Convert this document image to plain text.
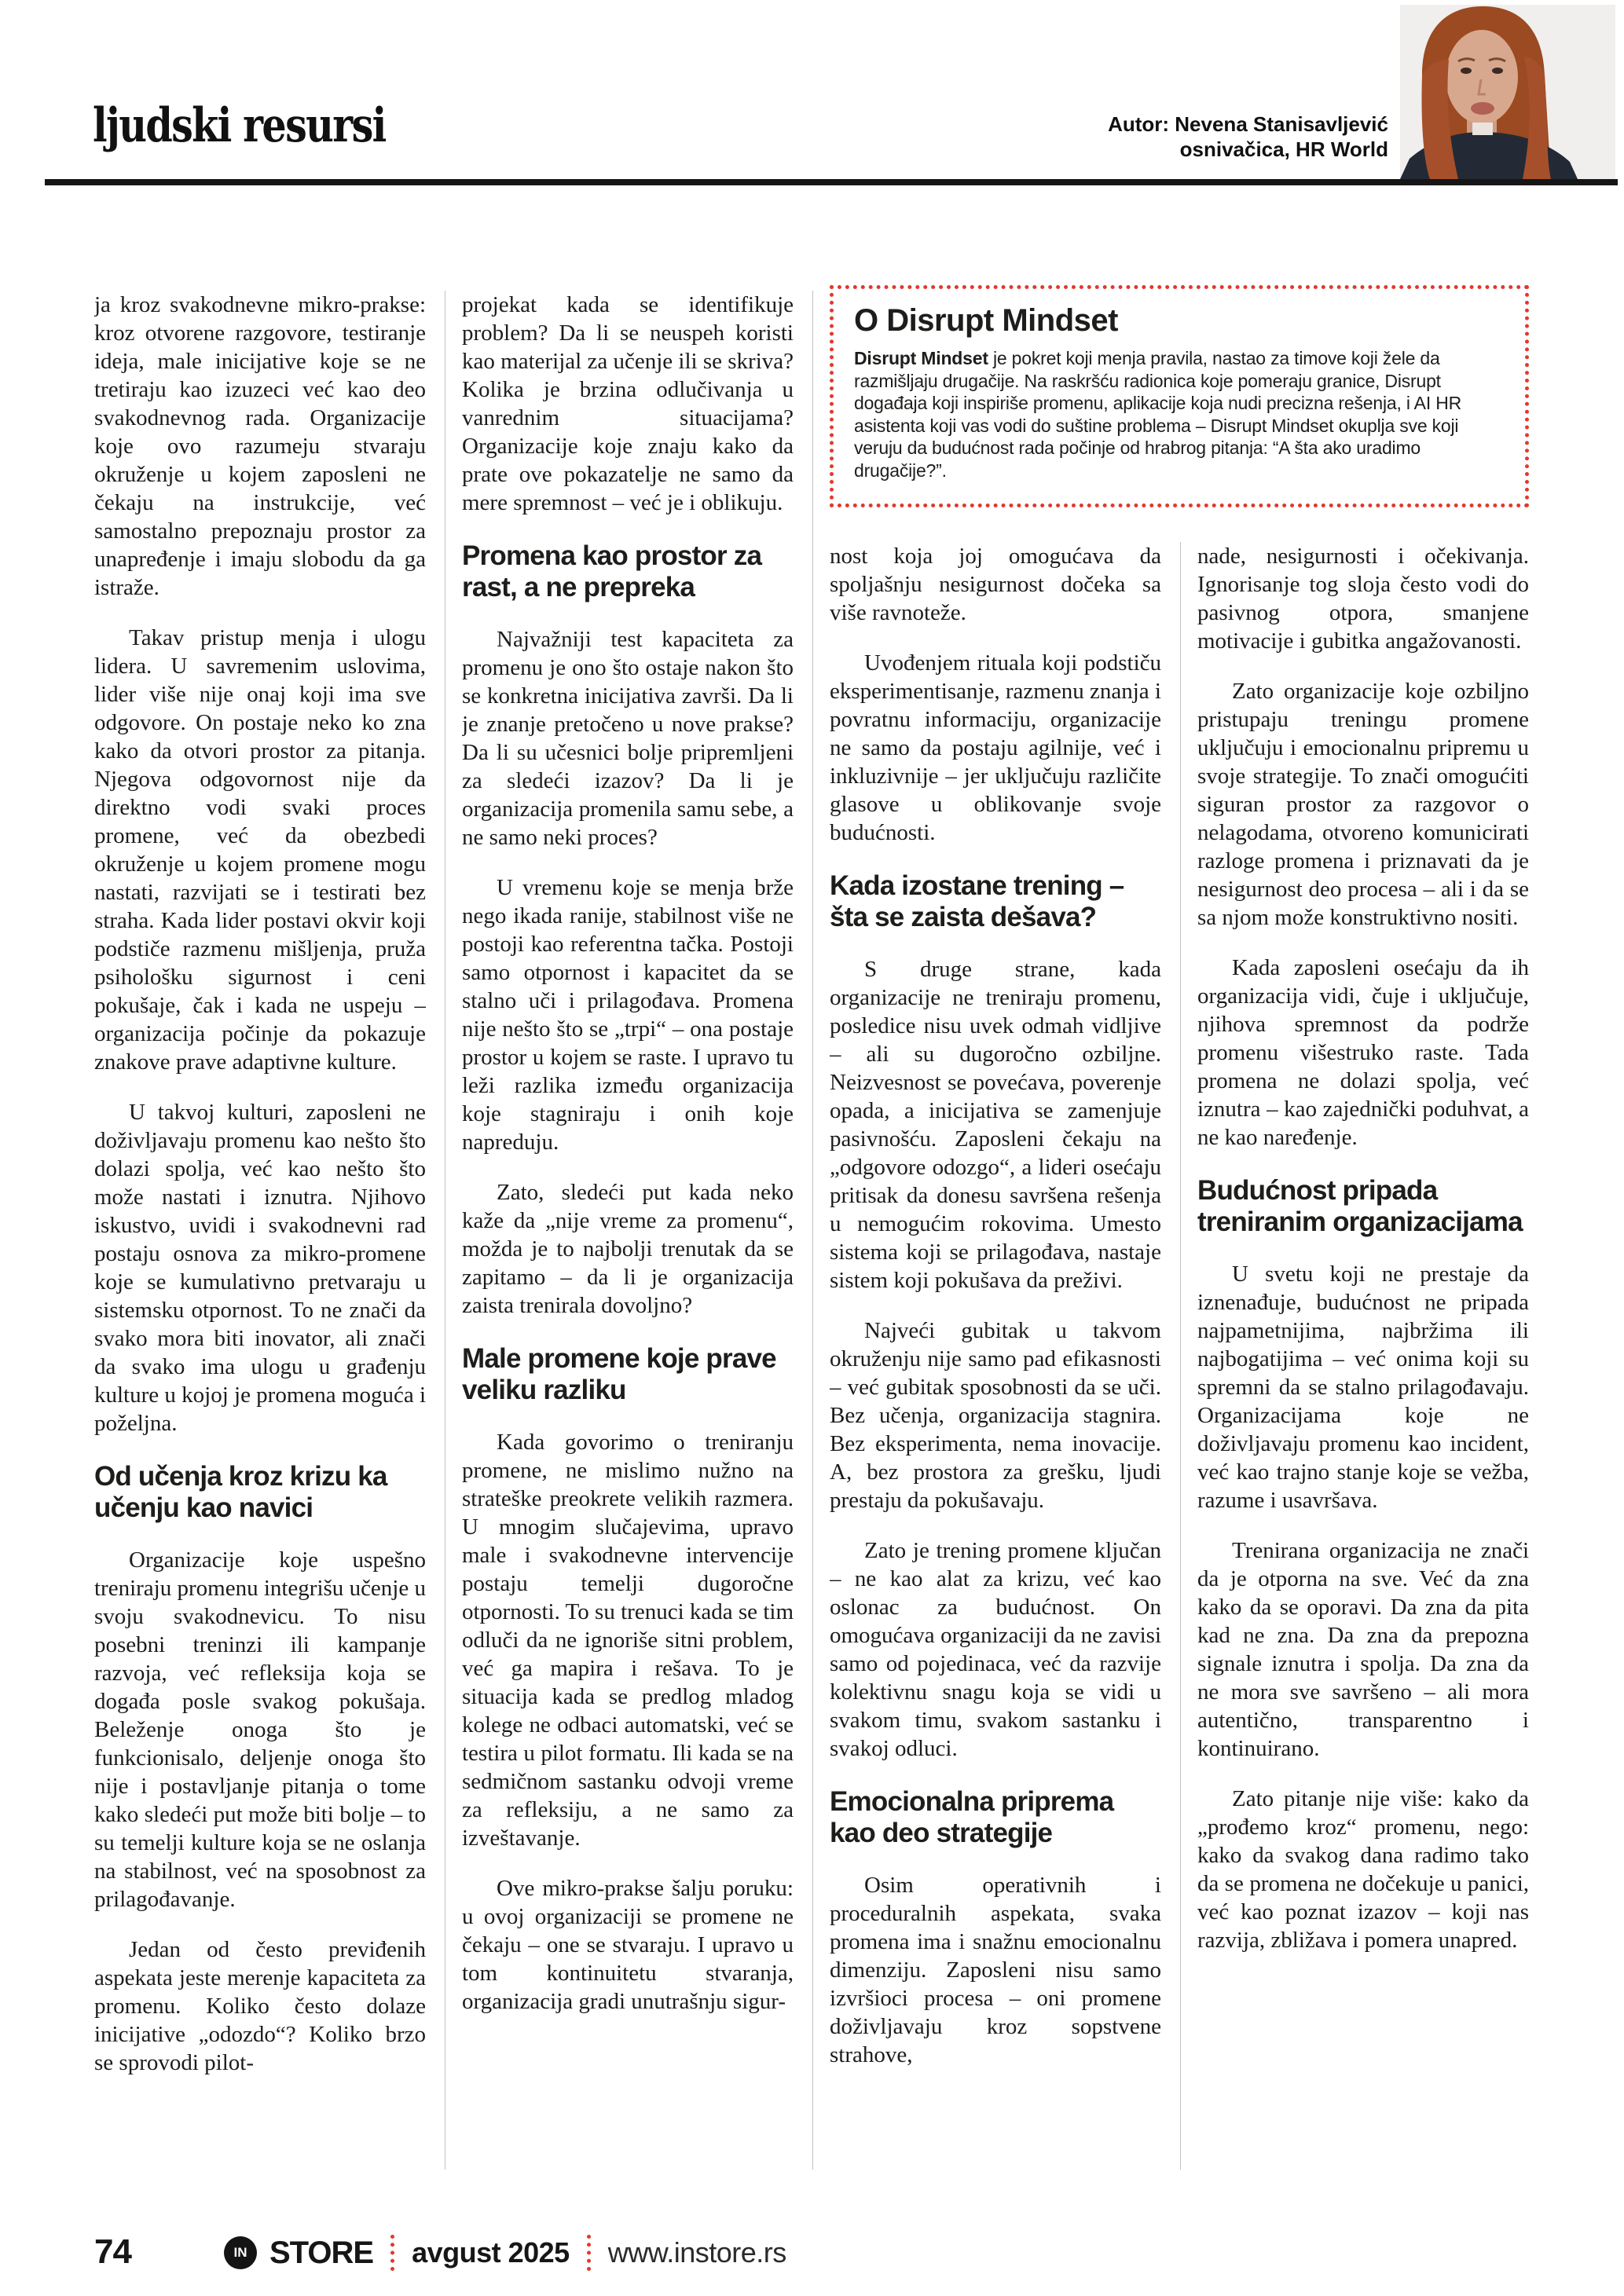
ljudski resursi	Autor: Nevena Stanisavljević
osnivačica, HR World
O Disrupt Mindset

Disrupt Mindset je pokret koji menja pravila, nastao za timove koji žele da razmišljaju drugačije. Na raskršću radionica koje pomeraju granice, Disrupt događaja koji inspiriše promenu, aplikacije koja nudi precizna rešenja, i AI HR asistenta koji vas vodi do suštine problema – Disrupt Mindset okuplja sve koji veruju da budućnost rada počinje od hrabrog pitanja: “A šta ako uradimo drugačije?”.

ja kroz svakodnevne mikro-prakse: kroz otvorene razgovore, testiranje ideja, male inicijative koje se ne tretiraju kao izuzeci već kao deo svakodnevnog rada. Organizacije koje ovo razumeju stvaraju okruženje u kojem zaposleni ne čekaju na instrukcije, već samostalno prepoznaju prostor za unapređenje i imaju slobodu da ga istraže.

Takav pristup menja i ulogu lidera. U savremenim uslovima, lider više nije onaj koji ima sve odgovore. On postaje neko ko zna kako da otvori prostor za pitanja. Njegova odgovornost nije da direktno vodi svaki proces promene, već da obezbedi okruženje u kojem promene mogu nastati, razvijati se i testirati bez straha. Kada lider postavi okvir koji podstiče razmenu mišljenja, pruža psihološku sigurnost i ceni pokušaje, čak i kada ne uspeju – organizacija počinje da pokazuje znakove prave adaptivne kulture.

U takvoj kulturi, zaposleni ne doživljavaju promenu kao nešto što dolazi spolja, već kao nešto što može nastati i iznutra. Njihovo iskustvo, uvidi i svakodnevni rad postaju osnova za mikro-promene koje se kumulativno pretvaraju u sistemsku otpornost. To ne znači da svako mora biti inovator, ali znači da svako ima ulogu u građenju kulture u kojoj je promena moguća i poželjna.

Od učenja kroz krizu ka učenju kao navici

Organizacije koje uspešno treniraju promenu integrišu učenje u svoju svakodnevicu. To nisu posebni treninzi ili kampanje razvoja, već refleksija koja se događa posle svakog pokušaja. Beleženje onoga što je funkcionisalo, deljenje onoga što nije i postavljanje pitanja o tome kako sledeći put može biti bolje – to su temelji kulture koja se ne oslanja na stabilnost, već na sposobnost za prilagođavanje.

Jedan od često previđenih aspekata jeste merenje kapaciteta za promenu. Koliko često dolaze inicijative „odozdo“? Koliko brzo se sprovodi pilot-

projekat kada se identifikuje problem? Da li se neuspeh koristi kao materijal za učenje ili se skriva? Kolika je brzina odlučivanja u vanrednim situacijama? Organizacije koje znaju kako da prate ove pokazatelje ne samo da mere spremnost – već je i oblikuju.

Promena kao prostor za rast, a ne prepreka

Najvažniji test kapaciteta za promenu je ono što ostaje nakon što se konkretna inicijativa završi. Da li je znanje pretočeno u nove prakse? Da li su učesnici bolje pripremljeni za sledeći izazov? Da li je organizacija promenila samu sebe, a ne samo neki proces?

U vremenu koje se menja brže nego ikada ranije, stabilnost više ne postoji kao referentna tačka. Postoji samo otpornost i kapacitet da se stalno uči i prilagođava. Promena nije nešto što se „trpi“ – ona postaje prostor u kojem se raste. I upravo tu leži razlika između organizacija koje stagniraju i onih koje napreduju.

Zato, sledeći put kada neko kaže da „nije vreme za promenu“, možda je to najbolji trenutak da se zapitamo – da li je organizacija zaista trenirala dovoljno?

Male promene koje prave veliku razliku

Kada govorimo o treniranju promene, ne mislimo nužno na strateške preokrete velikih razmera. U mnogim slučajevima, upravo male i svakodnevne intervencije postaju temelji dugoročne otpornosti. To su trenuci kada se tim odluči da ne ignoriše sitni problem, već ga mapira i rešava. To je situacija kada se predlog mladog kolege ne odbaci automatski, već se testira u pilot formatu. Ili kada se na sedmičnom sastanku odvoji vreme za refleksiju, a ne samo za izveštavanje.

Ove mikro-prakse šalju poruku: u ovoj organizaciji se promene ne čekaju – one se stvaraju. I upravo u tom kontinuitetu stvaranja, organizacija gradi unutrašnju sigur-

nost koja joj omogućava da spoljašnju nesigurnost dočeka sa više ravnoteže.

Uvođenjem rituala koji podstiču eksperimentisanje, razmenu znanja i povratnu informaciju, organizacije ne samo da postaju agilnije, već i inkluzivnije – jer uključuju različite glasove u oblikovanje svoje budućnosti.

Kada izostane trening – šta se zaista dešava?

S druge strane, kada organizacije ne treniraju promenu, posledice nisu uvek odmah vidljive – ali su dugoročno ozbiljne. Neizvesnost se povećava, poverenje opada, a inicijativa se zamenjuje pasivnošću. Zaposleni čekaju na „odgovore odozgo“, a lideri osećaju pritisak da donesu savršena rešenja u nemogućim rokovima. Umesto sistema koji se prilagođava, nastaje sistem koji pokušava da preživi.

Najveći gubitak u takvom okruženju nije samo pad efikasnosti – već gubitak sposobnosti da se uči. Bez učenja, organizacija stagnira. Bez eksperimenta, nema inovacije. A, bez prostora za grešku, ljudi prestaju da pokušavaju.

Zato je trening promene ključan – ne kao alat za krizu, već kao oslonac za budućnost. On omogućava organizaciji da ne zavisi samo od pojedinaca, već da razvije kolektivnu snagu koja se vidi u svakom timu, svakom sastanku i svakoj odluci.

Emocionalna priprema kao deo strategije

Osim operativnih i proceduralnih aspekata, svaka promena ima i snažnu emocionalnu dimenziju. Zaposleni nisu samo izvršioci procesa – oni promene doživljavaju kroz sopstvene strahove,

nade, nesigurnosti i očekivanja. Ignorisanje tog sloja često vodi do pasivnog otpora, smanjene motivacije i gubitka angažovanosti.

Zato organizacije koje ozbiljno pristupaju treningu promene uključuju i emocionalnu pripremu u svoje strategije. To znači omogućiti siguran prostor za razgovor o nelagodama, otvoreno komunicirati razloge promena i priznavati da je nesigurnost deo procesa – ali i da se sa njom može konstruktivno nositi.

Kada zaposleni osećaju da ih organizacija vidi, čuje i uključuje, njihova spremnost da podrže promenu višestruko raste. Tada promena ne dolazi spolja, već iznutra – kao zajednički poduhvat, a ne kao naređenje.

Budućnost pripada treniranim organizacijama

U svetu koji ne prestaje da iznenađuje, budućnost ne pripada najpametnijima, najbržima ili najbogatijima – već onima koji su spremni da se stalno prilagođavaju. Organizacijama koje ne doživljavaju promenu kao incident, već kao trajno stanje koje se vežba, razume i usavršava.

Trenirana organizacija ne znači da je otporna na sve. Već da zna kako da se oporavi. Da zna da pita kad ne zna. Da zna da prepozna signale iznutra i spolja. Da zna da ne mora sve savršeno – ali mora autentično, transparentno i kontinuirano.

Zato pitanje nije više: kako da „prođemo kroz“ promenu, nego: kako da svakog dana radimo tako da se promena ne dočekuje u panici, već kao poznat izazov – koji nas razvija, zbližava i pomera unapred.

74	IN STORE avgust 2025 www.instore.rs
